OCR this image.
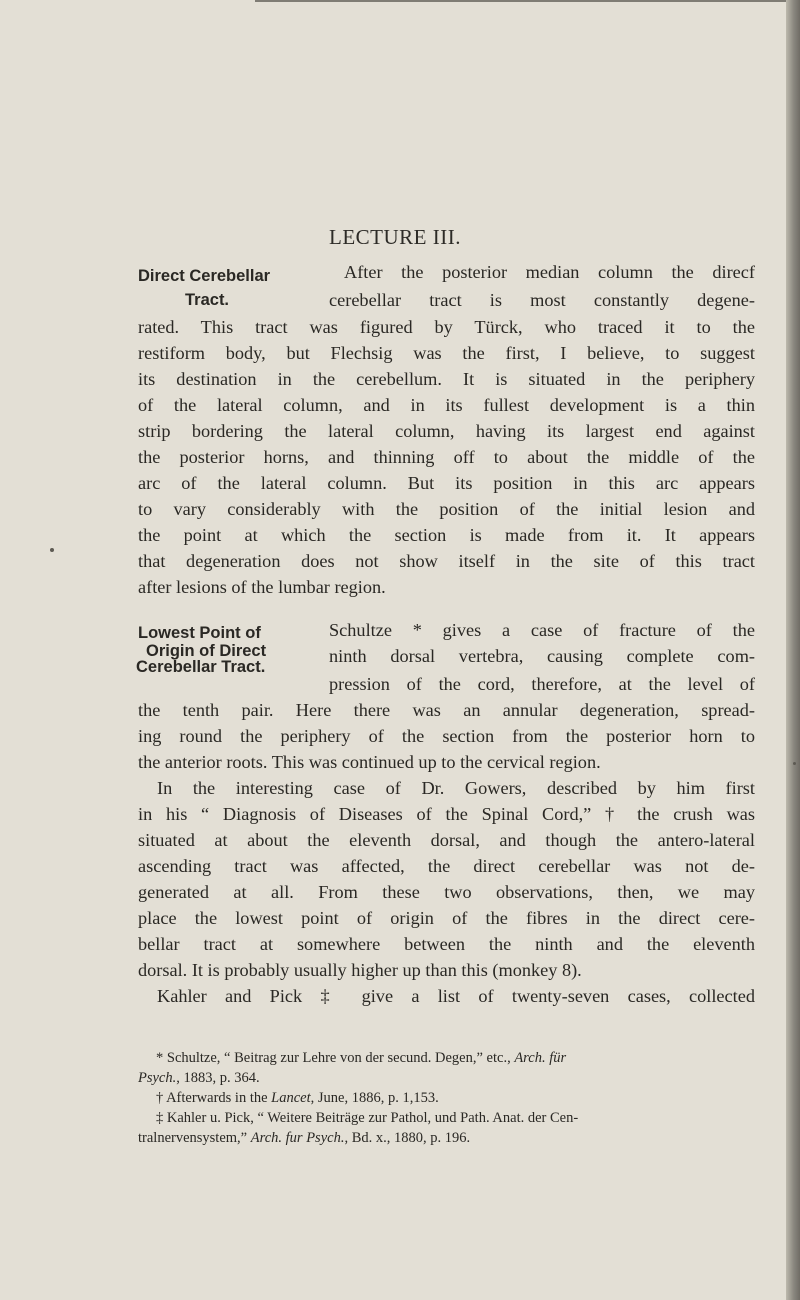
LECTURE III.
Direct Cerebellar
Tract.
After the posterior median column the direcf
cerebellar tract is most constantly degene-
rated. This tract was figured by Türck, who traced it to the
restiform body, but Flechsig was the first, I believe, to suggest
its destination in the cerebellum. It is situated in the periphery
of the lateral column, and in its fullest development is a thin
strip bordering the lateral column, having its largest end against
the posterior horns, and thinning off to about the middle of the
arc of the lateral column. But its position in this arc appears
to vary considerably with the position of the initial lesion and
the point at which the section is made from it. It appears
that degeneration does not show itself in the site of this tract
after lesions of the lumbar region.
Lowest Point of
Origin of Direct
Cerebellar Tract.
Schultze * gives a case of fracture of the
ninth dorsal vertebra, causing complete com-
pression of the cord, therefore, at the level of
the tenth pair. Here there was an annular degeneration, spread-
ing round the periphery of the section from the posterior horn to
the anterior roots. This was continued up to the cervical region.
In the interesting case of Dr. Gowers, described by him first
in his “ Diagnosis of Diseases of the Spinal Cord,” † the crush was
situated at about the eleventh dorsal, and though the antero-lateral
ascending tract was affected, the direct cerebellar was not de-
generated at all. From these two observations, then, we may
place the lowest point of origin of the fibres in the direct cere-
bellar tract at somewhere between the ninth and the eleventh
dorsal. It is probably usually higher up than this (monkey 8).
Kahler and Pick ‡ give a list of twenty-seven cases, collected
* Schultze, “ Beitrag zur Lehre von der secund. Degen,” etc., Arch. für
Psych., 1883, p. 364.
† Afterwards in the Lancet, June, 1886, p. 1,153.
‡ Kahler u. Pick, “ Weitere Beiträge zur Pathol, und Path. Anat. der Cen-
tralnervensystem,” Arch. fur Psych., Bd. x., 1880, p. 196.
